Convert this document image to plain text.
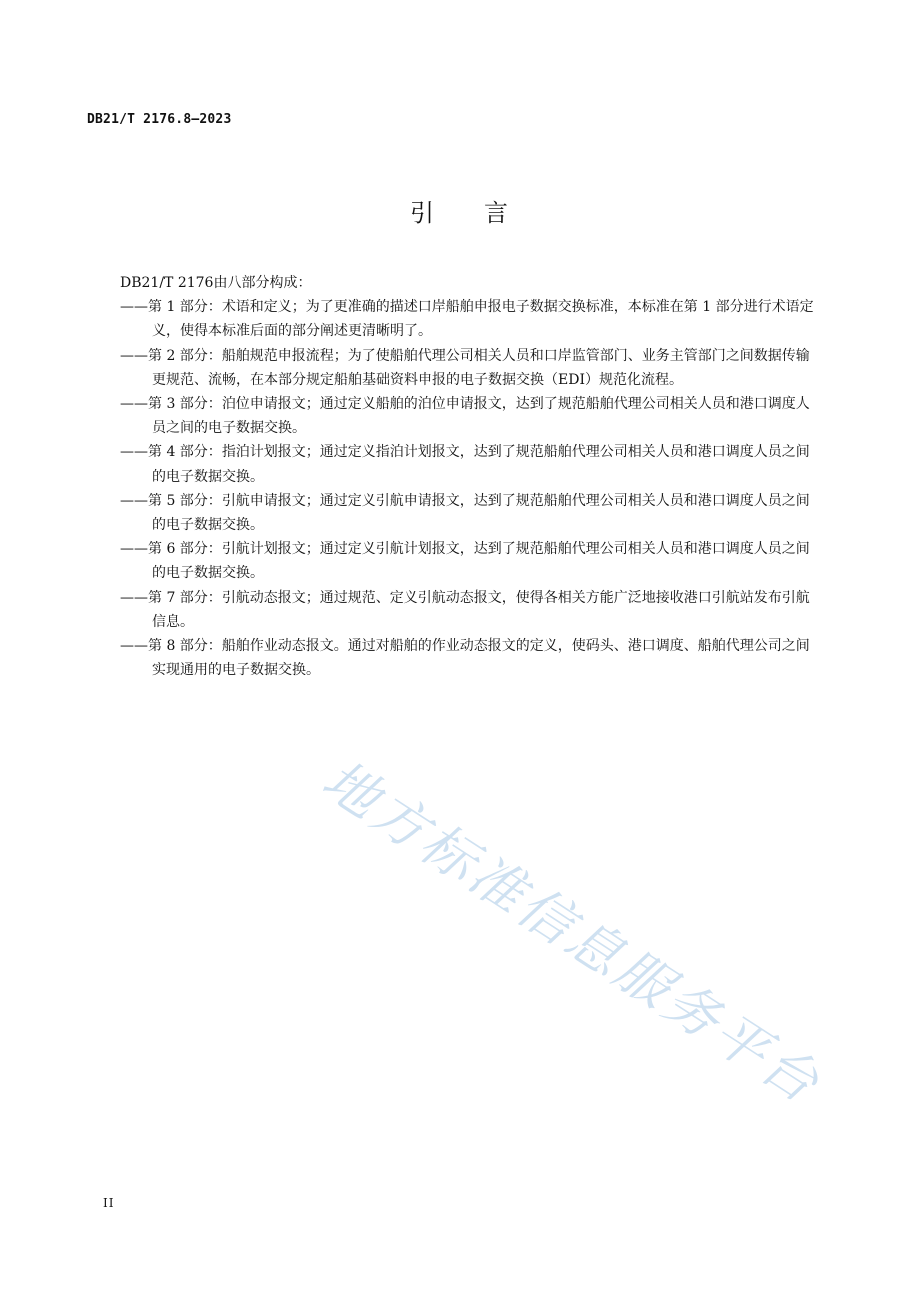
DB21/T 2176.8—2023
引 言

DB21/T 2176由八部分构成：

——第 1 部分：术语和定义；为了更准确的描述口岸船舶申报电子数据交换标准，本标准在第 1 部分进行术语定义，使得本标准后面的部分阐述更清晰明了。

——第 2 部分：船舶规范申报流程；为了使船舶代理公司相关人员和口岸监管部门、业务主管部门之间数据传输更规范、流畅，在本部分规定船舶基础资料申报的电子数据交换（EDI）规范化流程。

——第 3 部分：泊位申请报文；通过定义船舶的泊位申请报文，达到了规范船舶代理公司相关人员和港口调度人员之间的电子数据交换。

——第 4 部分：指泊计划报文；通过定义指泊计划报文，达到了规范船舶代理公司相关人员和港口调度人员之间的电子数据交换。

——第 5 部分：引航申请报文；通过定义引航申请报文，达到了规范船舶代理公司相关人员和港口调度人员之间的电子数据交换。

——第 6 部分：引航计划报文；通过定义引航计划报文，达到了规范船舶代理公司相关人员和港口调度人员之间的电子数据交换。

——第 7 部分：引航动态报文；通过规范、定义引航动态报文，使得各相关方能广泛地接收港口引航站发布引航信息。

——第 8 部分：船舶作业动态报文。通过对船舶的作业动态报文的定义，使码头、港口调度、船舶代理公司之间实现通用的电子数据交换。

地方标准信息服务平台
II
